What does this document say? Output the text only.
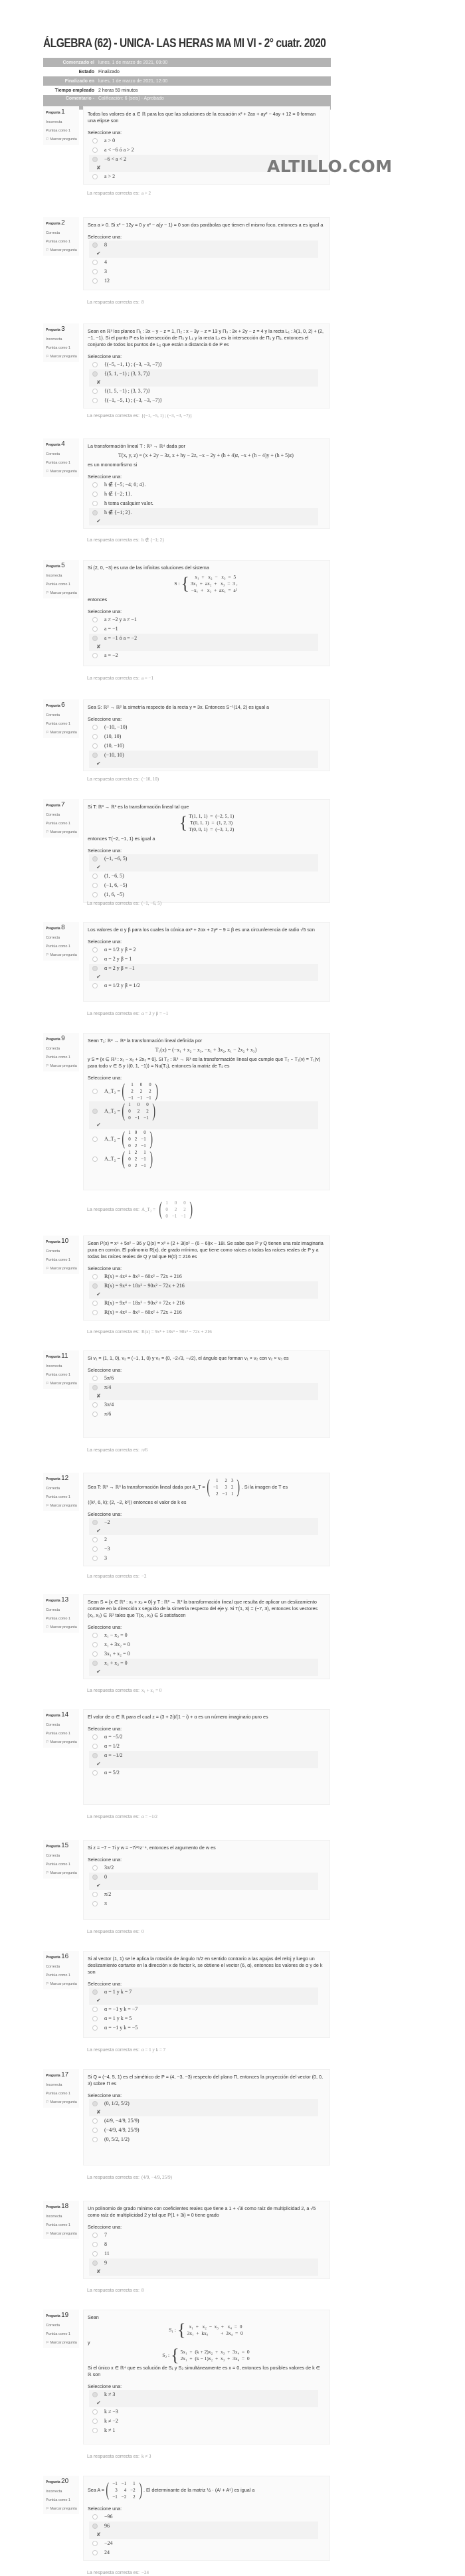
ÁLGEBRA (62) - UNICA- LAS HERAS MA MI VI - 2° cuatr. 2020
Comenzado el lunes, 1 de marzo de 2021, 09:00
Estado Finalizado
Finalizado en lunes, 1 de marzo de 2021, 12:00
Tiempo empleado 2 horas 59 minutos
Comentario - Calificación: 6 (seis) - Aprobado
Pregunta 1
Incorrecta
Puntúa como 1
⚐ Marcar pregunta

Todos los valores de a ∈ ℝ para los que las soluciones de la ecuación x² + 2ax + ay² − 4ay + 12 = 0 forman una elipse son

Seleccione una:
a > 0
a < −6 ó a > 2
−6 < a < 2
✘
a > 2
La respuesta correcta es: a > 2
Pregunta 2
Correcta
Puntúa como 1
⚐ Marcar pregunta

Sea a > 0. Si x² − 12y = 0 y x² − a(y − 1) = 0 son dos parábolas que tienen el mismo foco, entonces a es igual a

Seleccione una:
8
✔
4
3
12
La respuesta correcta es: 8
Pregunta 3
Incorrecta
Puntúa como 1
⚐ Marcar pregunta

Sean en ℝ³ los planos Π₁ : 3x − y − z = 1, Π₂ : x − 3y − z = 13 y Π₃ : 3x + 2y − z = 4 y la recta L₁ : λ(1, 0, 2) + (2, −1, −1). Si el punto P es la intersección de Π₃ y L₁ y la recta L₂ es la intersección de Π₁ y Π₂, entonces el conjunto de todos los puntos de L₂ que están a distancia 6 de P es

Seleccione una:
{(−5, −1, 1) ; (−3, −3, −7)}
{(5, 1, −1) ; (3, 3, 7)}
✘
{(1, 5, −1) ; (3, 3, 7)}
{(−1, −5, 1) ; (−3, −3, −7)}
La respuesta correcta es: {(−1, −5, 1) ; (−3, −3, −7)}
Pregunta 4
Correcta
Puntúa como 1
⚐ Marcar pregunta

La transformación lineal T : ℝ³ → ℝ⁴ dada por

T(x, y, z) = (x + 2y − 3z, x + hy − 2z, −x − 2y + (h + 4)z, −x + (h − 4)y + (h + 5)z)

es un monomorfismo si

Seleccione una:
h ∉ {−5; −4; 0; 4}.
h ∉ {−2; 1}.
h toma cualquier valor.
h ∉ {−1; 2}.
✔
La respuesta correcta es: h ∉ {−1; 2}
Pregunta 5
Incorrecta
Puntúa como 1
⚐ Marcar pregunta

Si (2, 0, −3) es una de las infinitas soluciones del sistema

S : { x₁  +   x₂  −   x₃  =  5
3x₁  +  ax₂  +   x₃  =  3 ,
−x₁  +   x₂  +  ax₃  =  a²

entonces

Seleccione una:
a ≠ −2 y a ≠ −1
a = −1
a = −1 ó a = −2
✘
a = −2
La respuesta correcta es: a = −1
Pregunta 6
Correcta
Puntúa como 1
⚐ Marcar pregunta

Sea S: ℝ² → ℝ² la simetría respecto de la recta y = 3x. Entonces S⁻¹(14, 2) es igual a

Seleccione una:
(−10, −10)
(10, 10)
(10, −10)
(−10, 10)
✔
La respuesta correcta es: (−10, 10)
Pregunta 7
Correcta
Puntúa como 1
⚐ Marcar pregunta

Si T: ℝ³ → ℝ³ es la transformación lineal tal que

{ T(1, 1, 1)  =  (−2, 5, 1)
T(0, 1, 1)  =  (1, 2, 3)
T(0, 0, 1)  =  (−3, 1, 2)

entonces T(−2, −1, 1) es igual a

Seleccione una:
(−1, −6, 5)
✔
(1, −6, 5)
(−1, 6, −5)
(1, 6, −5)
La respuesta correcta es: (−1, −6, 5)
Pregunta 8
Correcta
Puntúa como 1
⚐ Marcar pregunta

Los valores de α y β para los cuales la cónica αx² + 2αx + 2y² − 9 = β es una circunferencia de radio √5 son

Seleccione una:
α = 1/2 y β = 2
α = 2 y β = 1
α = 2 y β = −1
✔
α = 1/2 y β = 1/2
La respuesta correcta es: α = 2 y β = −1
Pregunta 9
Correcta
Puntúa como 1
⚐ Marcar pregunta

Sean T₁: ℝ³ → ℝ³ la transformación lineal definida por

T₁(x) = (−x₁ + x₂ − x₃, −x₁ + 3x₂, x₁ − 2x₂ + x₃)

y S = {x ∈ ℝ³ : x₁ − x₂ + 2x₃ = 0}. Si T₂ : ℝ³ → ℝ³ es la transformación lineal que cumple que T₂ ∘ T₁(v) = T₁(v) para todo v ∈ S y ⟨(0, 1, −1)⟩ = Nu(T₂), entonces la matriz de T₂ es

Seleccione una:
A_T₂ = ( 1	0	0
2	2	2
−1	−1	−1 )
A_T₂ = ( 1	0	0
0	2	2
0	−1	−1 )
✔
A_T₂ = ( 1	0	0
0	2	−1
0	2	−1 )
A_T₂ = ( 1	2	1
0	2	−1
0	2	−1 )
La respuesta correcta es: A_T₂ = ( 1	0	0
0	2	2
0	−1	−1 )
Pregunta 10
Correcta
Puntúa como 1
⚐ Marcar pregunta

Sean P(x) = x⁴ + 5x² − 36 y Q(x) = x³ + (2 + 3i)x² − (6 − 6i)x − 18i. Se sabe que P y Q tienen una raíz imaginaria pura en común. El polinomio R(x), de grado mínimo, que tiene como raíces a todas las raíces reales de P y a todas las raíces reales de Q y tal que R(0) = 216 es

Seleccione una:
R(x) = 4x⁴ + 8x³ − 60x² − 72x + 216
R(x) = 9x⁴ + 18x³ − 90x² − 72x + 216
✔
R(x) = 9x⁴ − 18x³ − 90x² + 72x + 216
R(x) = 4x⁴ − 8x³ − 60x² + 72x + 216
La respuesta correcta es: R(x) = 9x⁴ + 18x³ − 90x² − 72x + 216
Pregunta 11
Incorrecta
Puntúa como 1
⚐ Marcar pregunta

Si v₁ = (1, 1, 0), v₂ = (−1, 1, 0) y v₃ = (0, −2√3, −√2), el ángulo que forman v₁ × v₂ con v₂ × v₃ es

Seleccione una:
5π/6
π/4
✘
3π/4
π/6
La respuesta correcta es: π/6
Pregunta 12
Correcta
Puntúa como 1
⚐ Marcar pregunta

Sea T: ℝ³ → ℝ³ la transformación lineal dada por A_T = ( 1	2	3
−1	3	2
2	−1	1 ) . Si la imagen de T es

⟨(k², 6, k); (2, −2, k²)⟩ entonces el valor de k es

Seleccione una:
−2
✔
2
−3
3
La respuesta correcta es: −2
Pregunta 13
Correcta
Puntúa como 1
⚐ Marcar pregunta

Sean S = {x ∈ ℝ² : x₁ + x₂ = 0} y T : ℝ² → ℝ² la transformación lineal que resulta de aplicar un deslizamiento cortante en la dirección x seguido de la simetría respecto del eje y. Si T(1, 3) = (−7, 3), entonces los vectores (x₁, x₂) ∈ ℝ² tales que T(x₁, x₂) ∈ S satisfacen

Seleccione una:
x₁ − x₂ = 0
x₁ + 3x₂ = 0
3x₁ + x₂ = 0
x₁ + x₂ = 0
✔
La respuesta correcta es: x₁ + x₂ = 0
Pregunta 14
Correcta
Puntúa como 1
⚐ Marcar pregunta

El valor de α ∈ ℝ para el cual z = (3 + 2i)/(1 − i) + α es un número imaginario puro es

Seleccione una:
α = −5/2
α = 1/2
α = −1/2
✔
α = 5/2
La respuesta correcta es: α = −1/2
Pregunta 15
Correcta
Puntúa como 1
⚐ Marcar pregunta

Si z = −7 − 7i y w = −7i³⁸z⁻⁴, entonces el argumento de w es

Seleccione una:
3π/2
0
✔
π/2
π
La respuesta correcta es: 0
Pregunta 16
Correcta
Puntúa como 1
⚐ Marcar pregunta

Si al vector (1, 1) se le aplica la rotación de ángulo π/2 en sentido contrario a las agujas del reloj y luego un deslizamiento cortante en la dirección x de factor k, se obtiene el vector (6, α), entonces los valores de α y de k son

Seleccione una:
α = 1 y k = 7
✔
α = −1 y k = −7
α = 1 y k = 5
α = −1 y k = −5
La respuesta correcta es: α = 1 y k = 7
Pregunta 17
Incorrecta
Puntúa como 1
⚐ Marcar pregunta

Si Q = (−4, 5, 1) es el simétrico de P = (4, −3, −3) respecto del plano Π, entonces la proyección del vector (0, 0, 3) sobre Π es

Seleccione una:
(0, 1/2, 5/2)
✘
(4/9, −4/9, 25/9)
(−4/9, 4/9, 25/9)
(0, 5/2, 1/2)
La respuesta correcta es: (4/9, −4/9, 25/9)
Pregunta 18
Incorrecta
Puntúa como 1
⚐ Marcar pregunta

Un polinomio de grado mínimo con coeficientes reales que tiene a 1 + √3i como raíz de multiplicidad 2, a √5 como raíz de multiplicidad 2 y tal que P(1 + 3i) = 0 tiene grado

Seleccione una:
7
8
11
9
✘
La respuesta correcta es: 8
Pregunta 19
Correcta
Puntúa como 1
⚐ Marcar pregunta

Sean

S₁ : { x₁  +   x₂  −  x₃  +   x₄  =  0
3x₁  +  kx₂          +  3x₄  =  0

y

S₂ : { 5x₁  +  (k + 2)x₂  +  x₃  +  3x₄  =  0
2x₁  +  (k − 1)x₂  +  x₃  +  3x₄  =  0

Si el único x ∈ ℝ⁴ que es solución de S₁ y S₂ simultáneamente es x = 0, entonces los posibles valores de k ∈ ℝ son

Seleccione una:
k ≠ 3
✔
k ≠ −3
k ≠ −2
k ≠ 1
La respuesta correcta es: k ≠ 3
Pregunta 20
Incorrecta
Puntúa como 1
⚐ Marcar pregunta

Sea A = ( −1	−1	1
3	4	−2
−1	−2	2 ) . El determinante de la matriz ½ · (Aᵗ + A⁵) es igual a

Seleccione una:
−96
96
✘
−24
24
La respuesta correcta es: −24
ALTILLO.COM
